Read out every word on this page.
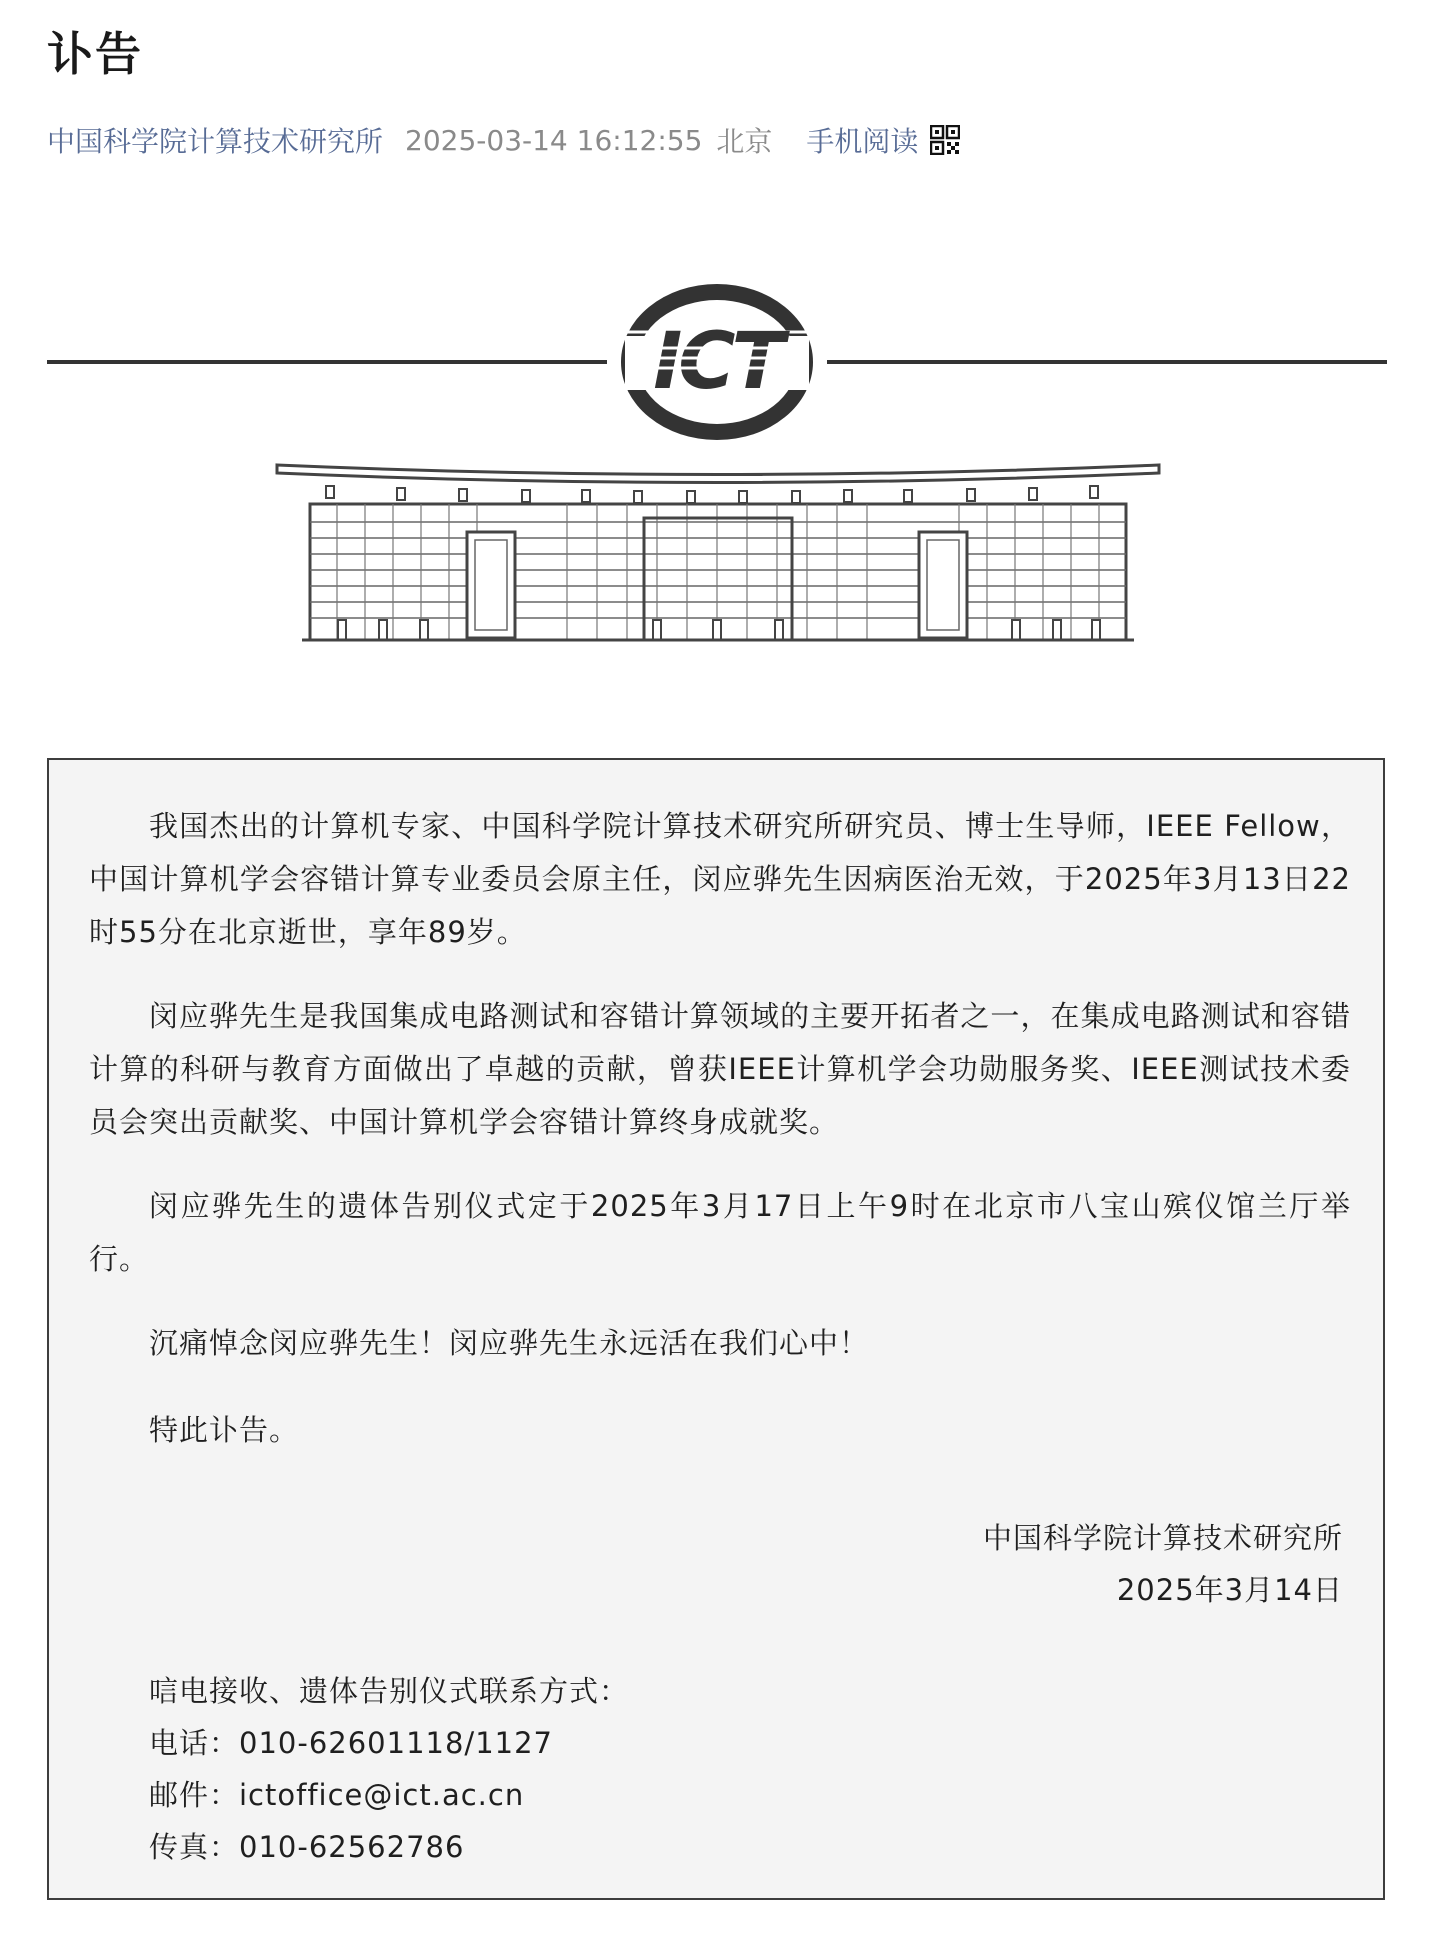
讣告
中国科学院计算技术研究所 2025-03-14 16:12:55 北京 手机阅读
ICT

我国杰出的计算机专家、中国科学院计算技术研究所研究员、博士生导师，IEEE Fellow，中国计算机学会容错计算专业委员会原主任，闵应骅先生因病医治无效，于2025年3月13日22时55分在北京逝世，享年89岁。

闵应骅先生是我国集成电路测试和容错计算领域的主要开拓者之一，在集成电路测试和容错计算的科研与教育方面做出了卓越的贡献，曾获IEEE计算机学会功勋服务奖、IEEE测试技术委员会突出贡献奖、中国计算机学会容错计算终身成就奖。

闵应骅先生的遗体告别仪式定于2025年3月17日上午9时在北京市八宝山殡仪馆兰厅举行。

沉痛悼念闵应骅先生！闵应骅先生永远活在我们心中！

特此讣告。

中国科学院计算技术研究所
2025年3月14日
唁电接收、遗体告别仪式联系方式：
电话：010-62601118/1127
邮件：ictoffice@ict.ac.cn
传真：010-62562786
